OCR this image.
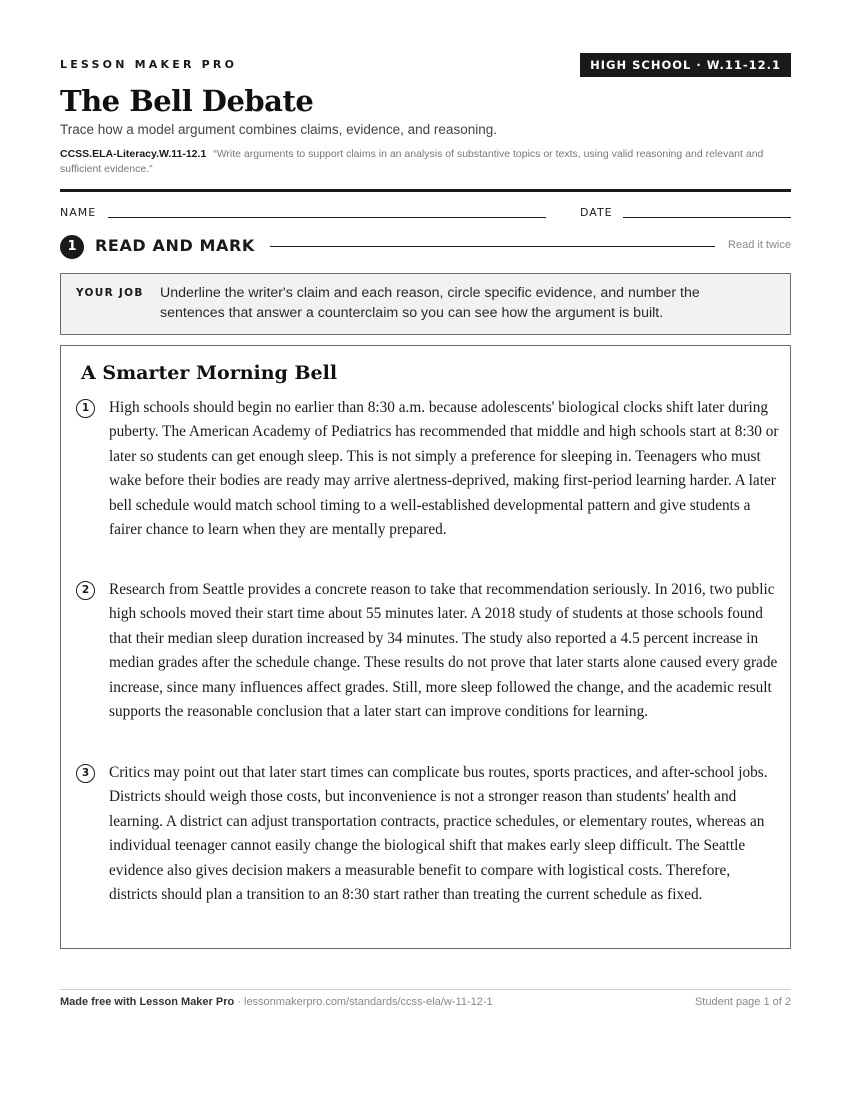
LESSON MAKER PRO	HIGH SCHOOL · W.11-12.1
The Bell Debate
Trace how a model argument combines claims, evidence, and reasoning.
CCSS.ELA-Literacy.W.11-12.1 “Write arguments to support claims in an analysis of substantive topics or texts, using valid reasoning and relevant and sufficient evidence.”
NAME	DATE
1	READ AND MARK	Read it twice
YOUR JOB Underline the writer's claim and each reason, circle specific evidence, and number the sentences that answer a counterclaim so you can see how the argument is built.
A Smarter Morning Bell
1	High schools should begin no earlier than 8:30 a.m. because adolescents' biological clocks shift later during puberty. The American Academy of Pediatrics has recommended that middle and high schools start at 8:30 or later so students can get enough sleep. This is not simply a preference for sleeping in. Teenagers who must wake before their bodies are ready may arrive alertness-deprived, making first-period learning harder. A later bell schedule would match school timing to a well-established developmental pattern and give students a fairer chance to learn when they are mentally prepared.

2	Research from Seattle provides a concrete reason to take that recommendation seriously. In 2016, two public high schools moved their start time about 55 minutes later. A 2018 study of students at those schools found that their median sleep duration increased by 34 minutes. The study also reported a 4.5 percent increase in median grades after the schedule change. These results do not prove that later starts alone caused every grade increase, since many influences affect grades. Still, more sleep followed the change, and the academic result supports the reasonable conclusion that a later start can improve conditions for learning.

3	Critics may point out that later start times can complicate bus routes, sports practices, and after-school jobs. Districts should weigh those costs, but inconvenience is not a stronger reason than students' health and learning. A district can adjust transportation contracts, practice schedules, or elementary routes, whereas an individual teenager cannot easily change the biological shift that makes early sleep difficult. The Seattle evidence also gives decision makers a measurable benefit to compare with logistical costs. Therefore, districts should plan a transition to an 8:30 start rather than treating the current schedule as fixed.

Made free with Lesson Maker Pro · lessonmakerpro.com/standards/ccss-ela/w-11-12-1	Student page 1 of 2
